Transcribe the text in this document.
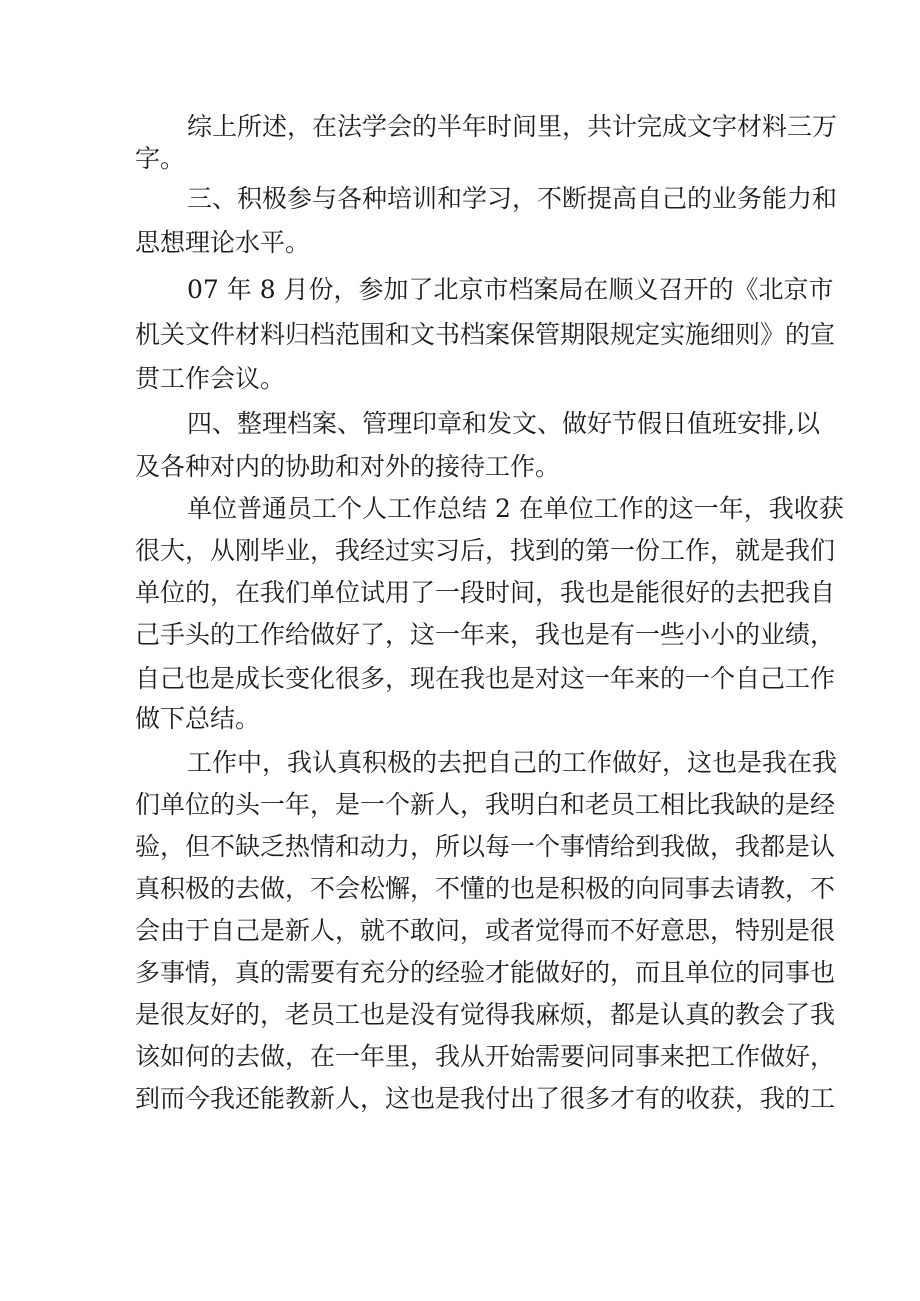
综上所述，在法学会的半年时间里，共计完成文字材料三万

字。

三、积极参与各种培训和学习，不断提高自己的业务能力和

思想理论水平。

07 年 8 月份，参加了北京市档案局在顺义召开的《北京市

机关文件材料归档范围和文书档案保管期限规定实施细则》的宣

贯工作会议。

四、整理档案、管理印章和发文、做好节假日值班安排,以

及各种对内的协助和对外的接待工作。

单位普通员工个人工作总结 2 在单位工作的这一年，我收获

很大，从刚毕业，我经过实习后，找到的第一份工作，就是我们

单位的，在我们单位试用了一段时间，我也是能很好的去把我自

己手头的工作给做好了，这一年来，我也是有一些小小的业绩，

自己也是成长变化很多，现在我也是对这一年来的一个自己工作

做下总结。

工作中，我认真积极的去把自己的工作做好，这也是我在我

们单位的头一年，是一个新人，我明白和老员工相比我缺的是经

验，但不缺乏热情和动力，所以每一个事情给到我做，我都是认

真积极的去做，不会松懈，不懂的也是积极的向同事去请教，不

会由于自己是新人，就不敢问，或者觉得而不好意思，特别是很

多事情，真的需要有充分的经验才能做好的，而且单位的同事也

是很友好的，老员工也是没有觉得我麻烦，都是认真的教会了我

该如何的去做，在一年里，我从开始需要问同事来把工作做好，

到而今我还能教新人，这也是我付出了很多才有的收获，我的工
